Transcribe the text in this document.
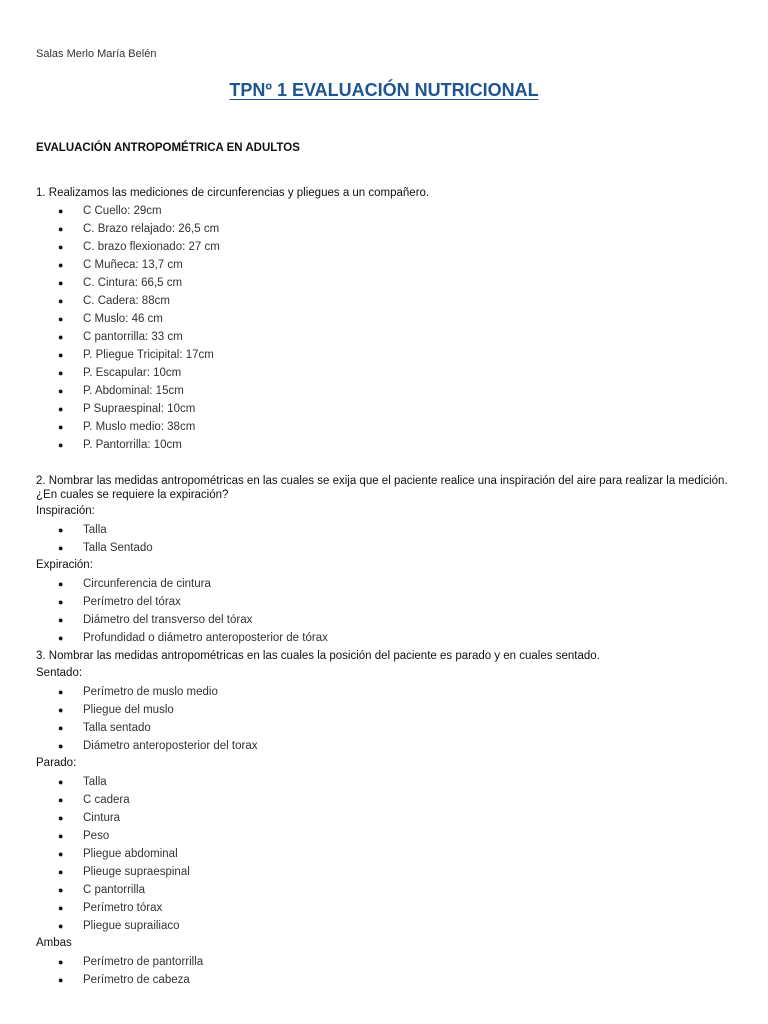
Salas Merlo María Belén
TPNº 1 EVALUACIÓN NUTRICIONAL
EVALUACIÓN ANTROPOMÉTRICA EN ADULTOS
1. Realizamos las mediciones de circunferencias y pliegues a un compañero.
● C Cuello: 29cm
● C. Brazo relajado: 26,5 cm
● C. brazo flexionado: 27 cm
● C Muñeca: 13,7 cm
● C. Cintura: 66,5 cm
● C. Cadera: 88cm
● C Muslo: 46 cm
● C pantorrilla: 33 cm
● P. Pliegue Tricipital: 17cm
● P. Escapular: 10cm
● P. Abdominal: 15cm
● P Supraespinal: 10cm
● P. Muslo medio: 38cm
● P. Pantorrilla: 10cm
2. Nombrar las medidas antropométricas en las cuales se exija que el paciente realice una inspiración del aire para realizar la medición. ¿En cuales se requiere la expiración?
Inspiración:
● Talla
● Talla Sentado
Expiración:
● Circunferencia de cintura
● Perímetro del tórax
● Diámetro del transverso del tórax
● Profundidad o diámetro anteroposterior de tórax
3. Nombrar las medidas antropométricas en las cuales la posición del paciente es parado y en cuales sentado.
Sentado:
● Perímetro de muslo medio
● Pliegue del muslo
● Talla sentado
● Diámetro anteroposterior del torax
Parado:
● Talla
● C cadera
● Cintura
● Peso
● Pliegue abdominal
● Plieuge supraespinal
● C pantorrilla
● Perímetro tórax
● Pliegue suprailiaco
Ambas
● Perímetro de pantorrilla
● Perímetro de cabeza
